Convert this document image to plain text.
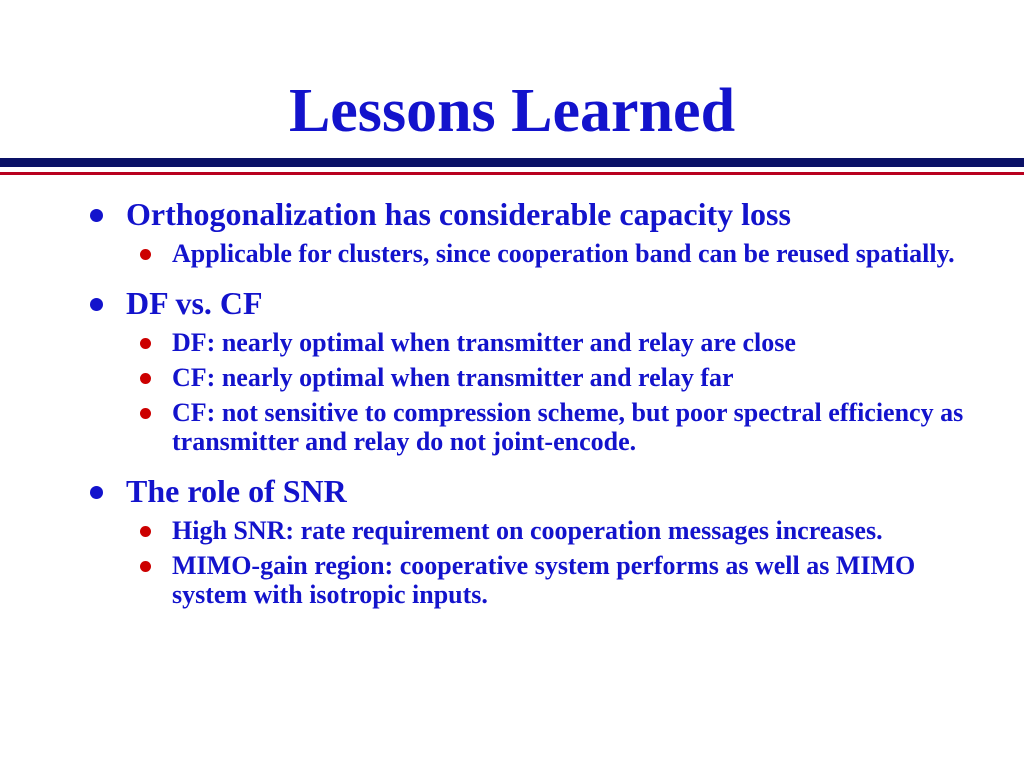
Lessons Learned

Orthogonalization has considerable capacity loss

Applicable for clusters, since cooperation band can be reused spatially.

DF vs. CF

DF: nearly optimal when transmitter and relay are close

CF: nearly optimal when transmitter and relay far

CF: not sensitive to compression scheme, but poor spectral efficiency as transmitter and relay do not joint-encode.

The role of SNR

High SNR: rate requirement on cooperation messages increases.

MIMO-gain region: cooperative system performs as well as MIMO system with isotropic inputs.
